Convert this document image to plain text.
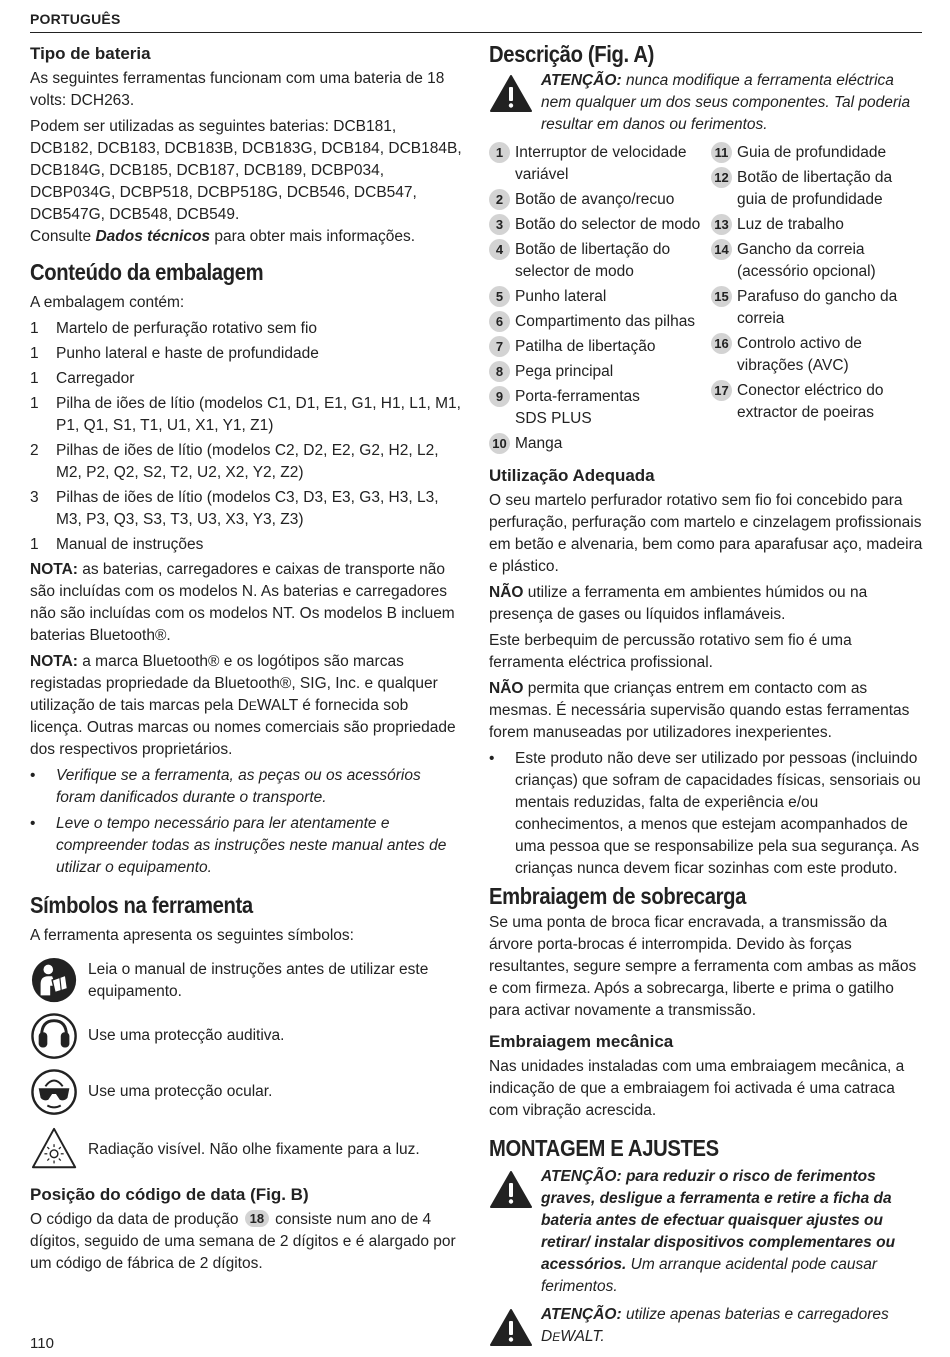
PORTUGUÊS
Tipo de bateria

As seguintes ferramentas funcionam com uma bateria de 18 volts: DCH263.

Podem ser utilizadas as seguintes baterias: DCB181, DCB182, DCB183, DCB183B, DCB183G, DCB184, DCB184B, DCB184G, DCB185, DCB187, DCB189, DCBP034, DCBP034G, DCBP518, DCBP518G, DCB546, DCB547, DCB547G, DCB548, DCB549.

Consulte Dados técnicos para obter mais informações.

Conteúdo da embalagem

A embalagem contém:

1	Martelo de perfuração rotativo sem fio
1	Punho lateral e haste de profundidade
1	Carregador
1	Pilha de iões de lítio (modelos C1, D1, E1, G1, H1, L1, M1, P1, Q1, S1, T1, U1, X1, Y1, Z1)
2	Pilhas de iões de lítio (modelos C2, D2, E2, G2, H2, L2, M2, P2, Q2, S2, T2, U2, X2, Y2, Z2)
3	Pilhas de iões de lítio (modelos C3, D3, E3, G3, H3, L3, M3, P3, Q3, S3, T3, U3, X3, Y3, Z3)
1	Manual de instruções

NOTA: as baterias, carregadores e caixas de transporte não são incluídas com os modelos N. As baterias e carregadores não são incluídas com os modelos NT. Os modelos B incluem baterias Bluetooth®.

NOTA: a marca Bluetooth® e os logótipos são marcas registadas propriedade da Bluetooth®, SIG, Inc. e qualquer utilização de tais marcas pela DEWALT é fornecida sob licença. Outras marcas ou nomes comerciais são propriedade dos respectivos proprietários.

•	Verifique se a ferramenta, as peças ou os acessórios foram danificados durante o transporte.
•	Leve o tempo necessário para ler atentamente e compreender todas as instruções neste manual antes de utilizar o equipamento.
Símbolos na ferramenta

A ferramenta apresenta os seguintes símbolos:

Leia o manual de instruções antes de utilizar este equipamento.
Use uma protecção auditiva.
Use uma protecção ocular.
Radiação visível. Não olhe fixamente para a luz.
Posição do código de data (Fig. B)

O código da data de produção 18 consiste num ano de 4 dígitos, seguido de uma semana de 2 dígitos e é alargado por um código de fábrica de 2 dígitos.

Descrição (Fig. A)
ATENÇÃO: nunca modifique a ferramenta eléctrica nem qualquer um dos seus componentes. Tal poderia resultar em danos ou ferimentos.
1 Interruptor de velocidade variável
2 Botão de avanço/recuo
3 Botão do selector de modo
4 Botão de libertação do selector de modo
5 Punho lateral
6 Compartimento das pilhas
7 Patilha de libertação
8 Pega principal
9 Porta-ferramentas SDS PLUS
10 Manga
11 Guia de profundidade
12 Botão de libertação da guia de profundidade
13 Luz de trabalho
14 Gancho da correia (acessório opcional)
15 Parafuso do gancho da correia
16 Controlo activo de vibrações (AVC)
17 Conector eléctrico do extractor de poeiras
Utilização Adequada

O seu martelo perfurador rotativo sem fio foi concebido para perfuração, perfuração com martelo e cinzelagem profissionais em betão e alvenaria, bem como para aparafusar aço, madeira e plástico.

NÃO utilize a ferramenta em ambientes húmidos ou na presença de gases ou líquidos inflamáveis.

Este berbequim de percussão rotativo sem fio é uma ferramenta eléctrica profissional.

NÃO permita que crianças entrem em contacto com as mesmas. É necessária supervisão quando estas ferramentas forem manuseadas por utilizadores inexperientes.

•	Este produto não deve ser utilizado por pessoas (incluindo crianças) que sofram de capacidades físicas, sensoriais ou mentais reduzidas, falta de experiência e/ou conhecimentos, a menos que estejam acompanhados de uma pessoa que se responsabilize pela sua segurança. As crianças nunca devem ficar sozinhas com este produto.
Embraiagem de sobrecarga

Se uma ponta de broca ficar encravada, a transmissão da árvore porta-brocas é interrompida. Devido às forças resultantes, segure sempre a ferramenta com ambas as mãos e com firmeza. Após a sobrecarga, liberte e prima o gatilho para activar novamente a transmissão.

Embraiagem mecânica

Nas unidades instaladas com uma embraiagem mecânica, a indicação de que a embraiagem foi activada é uma catraca com vibração acrescida.

MONTAGEM E AJUSTES
ATENÇÃO: para reduzir o risco de ferimentos graves, desligue a ferramenta e retire a ficha da bateria antes de efectuar quaisquer ajustes ou retirar/ instalar dispositivos complementares ou acessórios. Um arranque acidental pode causar ferimentos.
ATENÇÃO: utilize apenas baterias e carregadores DEWALT.
110
